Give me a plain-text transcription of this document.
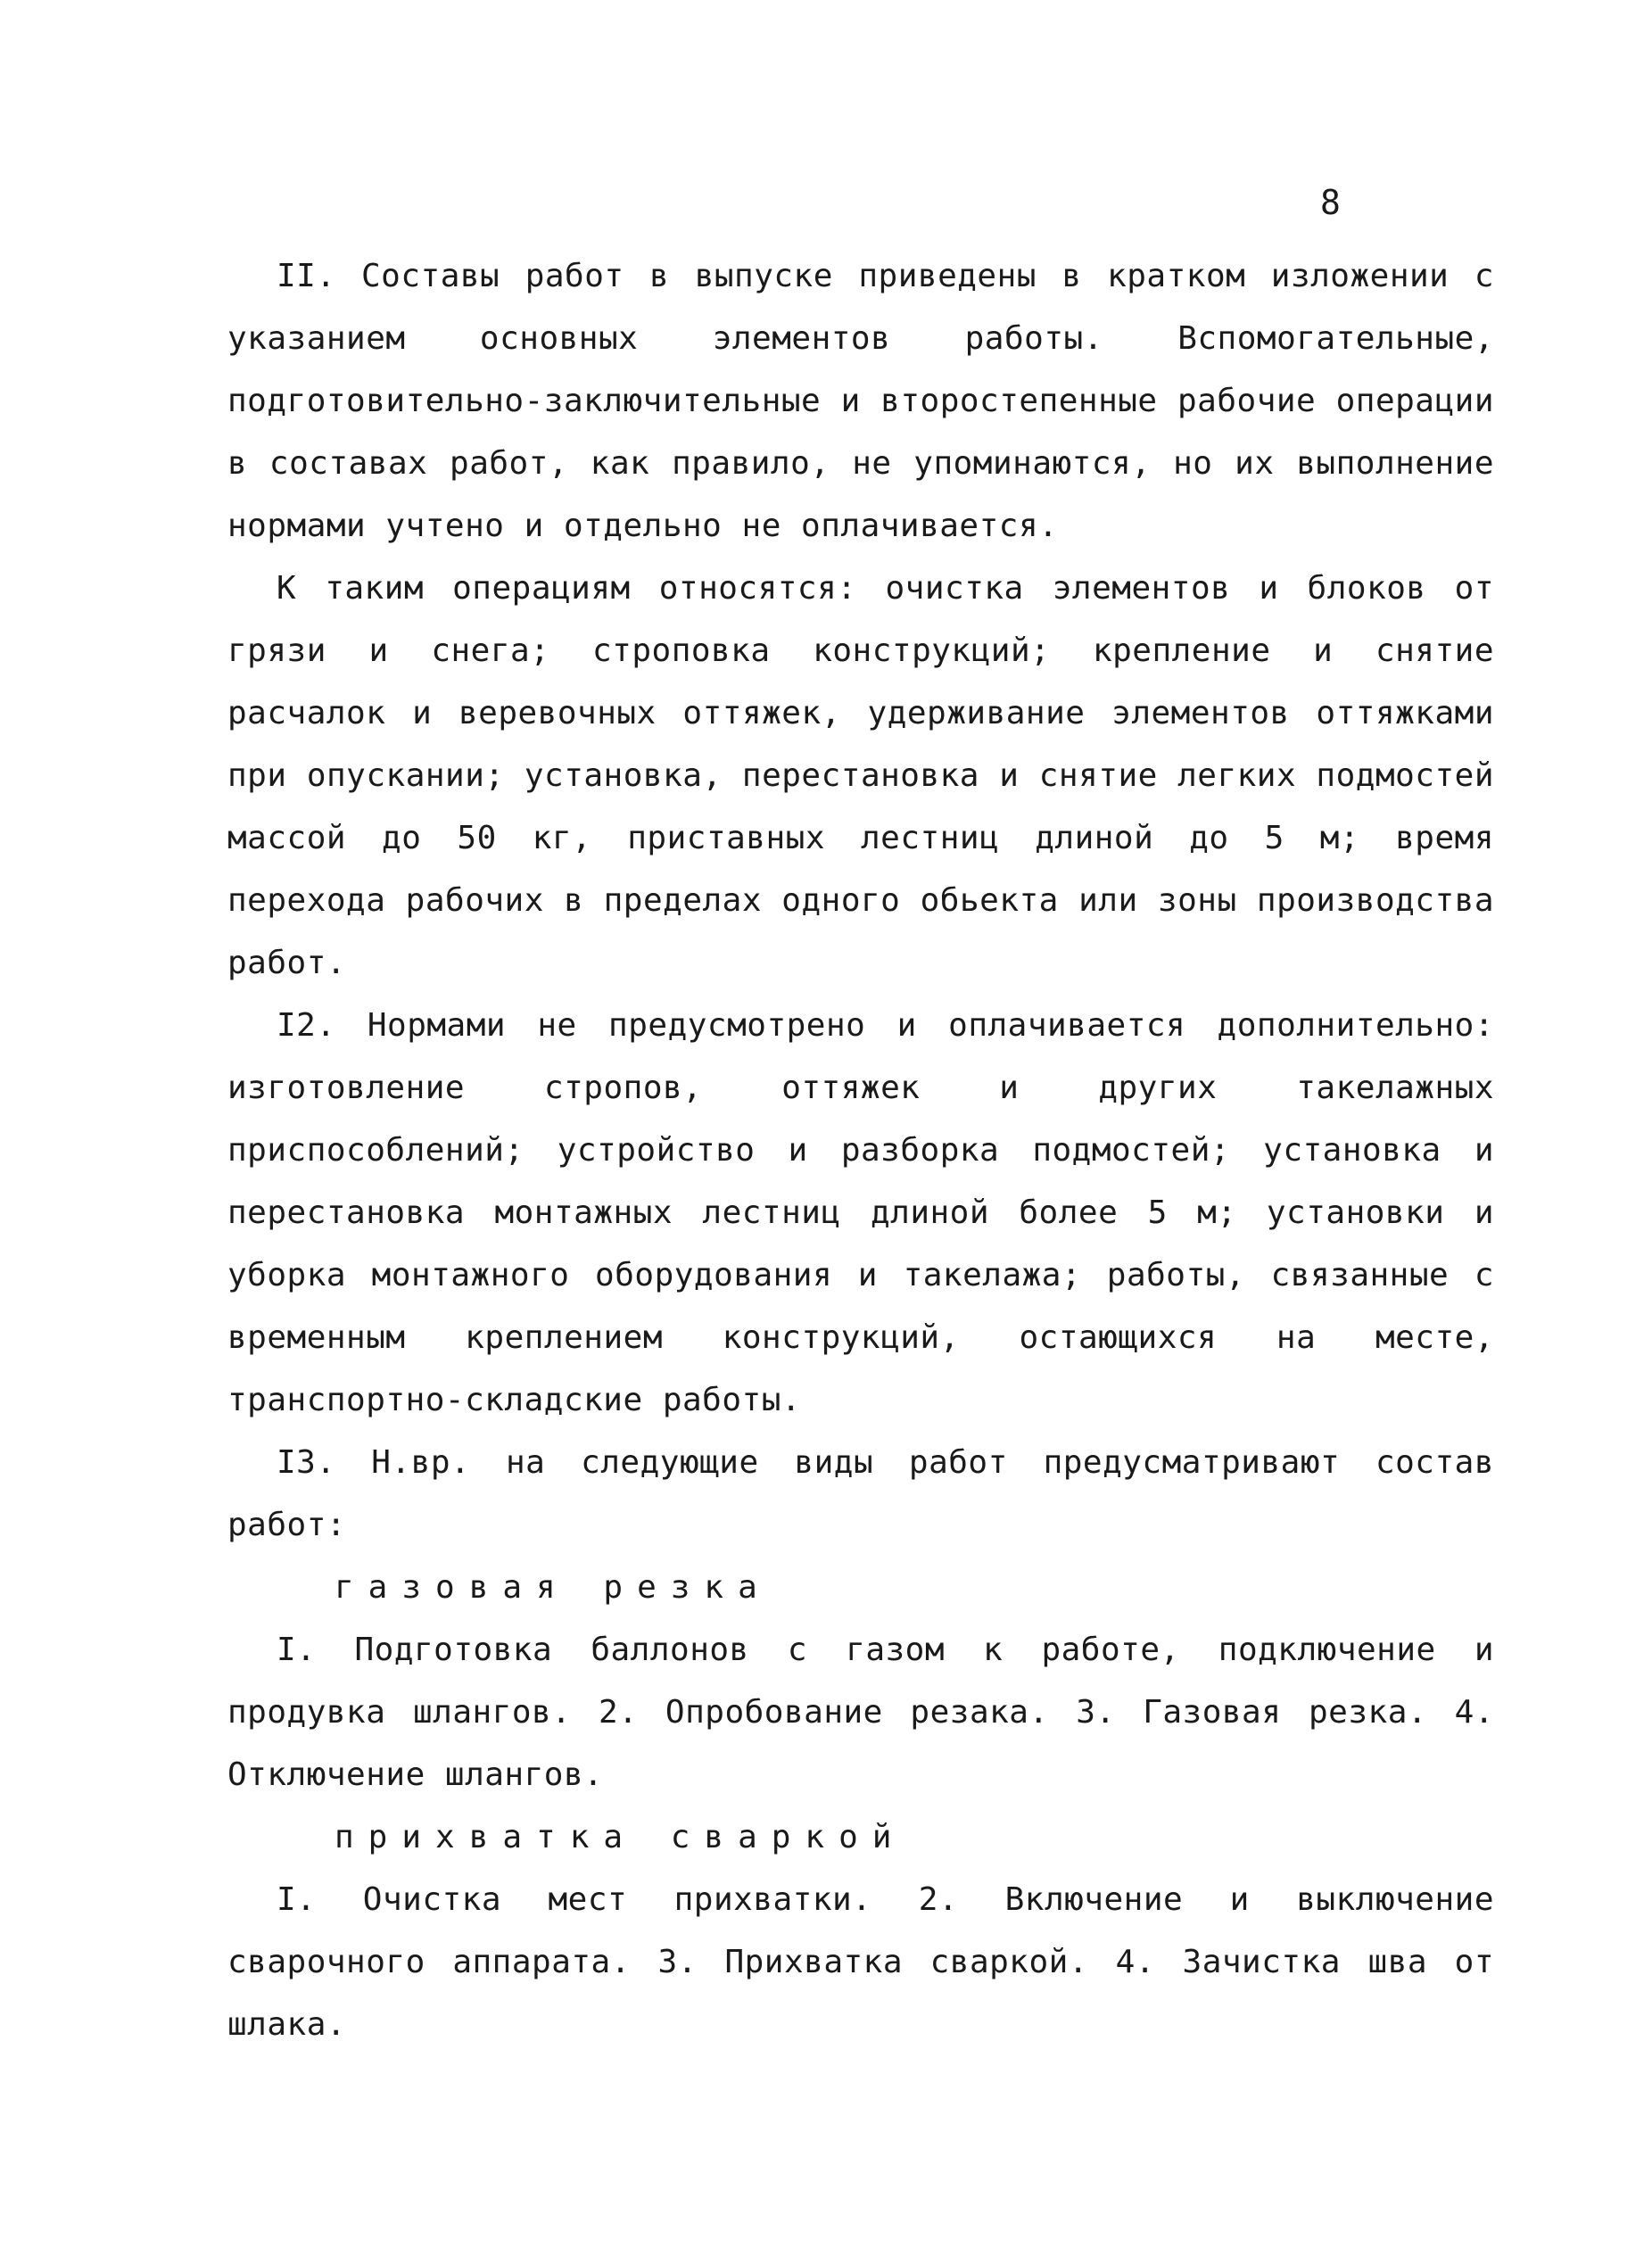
8

II. Составы работ в выпуске приведены в кратком изложении с указанием основных элементов работы. Вспомогательные, подготовительно-заключительные и второстепенные рабочие операции в составах работ, как правило, не упоминаются, но их выполнение нормами учтено и отдельно не оплачивается.

К таким операциям относятся: очистка элементов и блоков от грязи и снега; строповка конструкций; крепление и снятие расчалок и веревочных оттяжек, удерживание элементов оттяжками при опускании; установка, перестановка и снятие легких подмостей массой до 50 кг, приставных лестниц длиной до 5 м; время перехода рабочих в пределах одного обьекта или зоны производства работ.

I2. Нормами не предусмотрено и оплачивается дополнительно: изготовление стропов, оттяжек и других такелажных приспособлений; устройство и разборка подмостей; установка и перестановка монтажных лестниц длиной более 5 м; установки и уборка монтажного оборудования и такелажа; работы, связанные с временным креплением конструкций, остающихся на месте, транспортно-складские работы.

I3. Н.вр. на следующие виды работ предусматривают состав работ:

газовая резка

I. Подготовка баллонов с газом к работе, подключение и продувка шлангов. 2. Опробование резака. 3. Газовая резка. 4. Отключение шлангов.

прихватка сваркой

I. Очистка мест прихватки. 2. Включение и выключение сварочного аппарата. 3. Прихватка сваркой. 4. Зачистка шва от шлака.
